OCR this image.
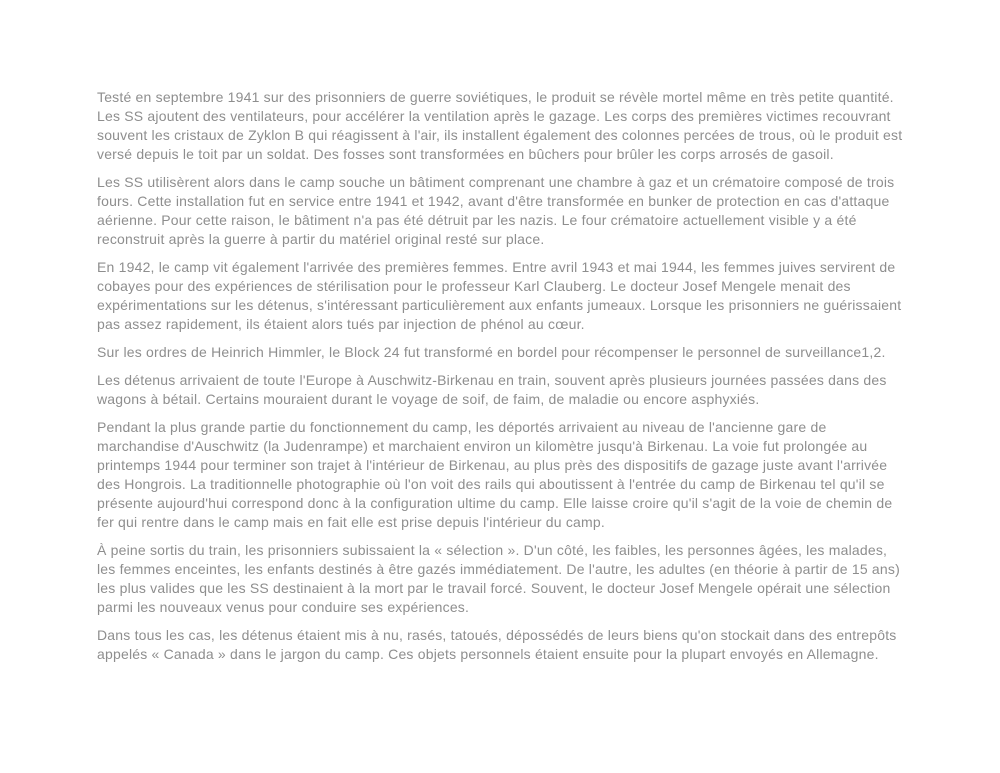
Testé en septembre 1941 sur des prisonniers de guerre soviétiques, le produit se révèle mortel même en très petite quantité. Les SS ajoutent des ventilateurs, pour accélérer la ventilation après le gazage. Les corps des premières victimes recouvrant souvent les cristaux de Zyklon B qui réagissent à l'air, ils installent également des colonnes percées de trous, où le produit est versé depuis le toit par un soldat. Des fosses sont transformées en bûchers pour brûler les corps arrosés de gasoil.

Les SS utilisèrent alors dans le camp souche un bâtiment comprenant une chambre à gaz et un crématoire composé de trois fours. Cette installation fut en service entre 1941 et 1942, avant d'être transformée en bunker de protection en cas d'attaque aérienne. Pour cette raison, le bâtiment n'a pas été détruit par les nazis. Le four crématoire actuellement visible y a été reconstruit après la guerre à partir du matériel original resté sur place.

En 1942, le camp vit également l'arrivée des premières femmes. Entre avril 1943 et mai 1944, les femmes juives servirent de cobayes pour des expériences de stérilisation pour le professeur Karl Clauberg. Le docteur Josef Mengele menait des expérimentations sur les détenus, s'intéressant particulièrement aux enfants jumeaux. Lorsque les prisonniers ne guérissaient pas assez rapidement, ils étaient alors tués par injection de phénol au cœur.

Sur les ordres de Heinrich Himmler, le Block 24 fut transformé en bordel pour récompenser le personnel de surveillance1,2.

Les détenus arrivaient de toute l'Europe à Auschwitz-Birkenau en train, souvent après plusieurs journées passées dans des wagons à bétail. Certains mouraient durant le voyage de soif, de faim, de maladie ou encore asphyxiés.

Pendant la plus grande partie du fonctionnement du camp, les déportés arrivaient au niveau de l'ancienne gare de marchandise d'Auschwitz (la Judenrampe) et marchaient environ un kilomètre jusqu'à Birkenau. La voie fut prolongée au printemps 1944 pour terminer son trajet à l'intérieur de Birkenau, au plus près des dispositifs de gazage juste avant l'arrivée des Hongrois. La traditionnelle photographie où l'on voit des rails qui aboutissent à l'entrée du camp de Birkenau tel qu'il se présente aujourd'hui correspond donc à la configuration ultime du camp. Elle laisse croire qu'il s'agit de la voie de chemin de fer qui rentre dans le camp mais en fait elle est prise depuis l'intérieur du camp.

À peine sortis du train, les prisonniers subissaient la « sélection ». D'un côté, les faibles, les personnes âgées, les malades, les femmes enceintes, les enfants destinés à être gazés immédiatement. De l'autre, les adultes (en théorie à partir de 15 ans) les plus valides que les SS destinaient à la mort par le travail forcé. Souvent, le docteur Josef Mengele opérait une sélection parmi les nouveaux venus pour conduire ses expériences.

Dans tous les cas, les détenus étaient mis à nu, rasés, tatoués, dépossédés de leurs biens qu'on stockait dans des entrepôts appelés « Canada » dans le jargon du camp. Ces objets personnels étaient ensuite pour la plupart envoyés en Allemagne.
